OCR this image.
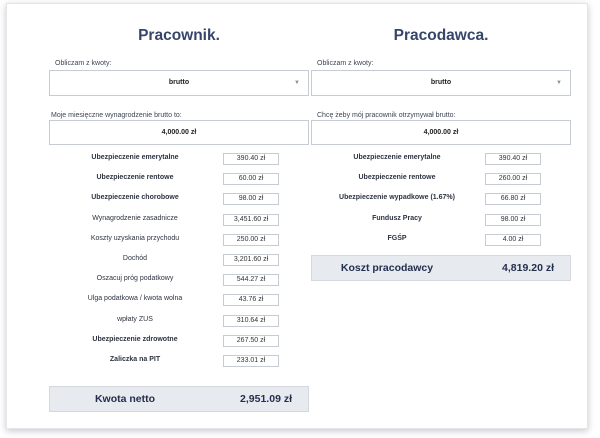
Pracownik.
Obliczam z kwoty:
brutto	▼
Moje miesięczne wynagrodzenie brutto to:
4,000.00 zł
Ubezpieczenie emerytalne	390.40 zł
Ubezpieczenie rentowe	60.00 zł
Ubezpieczenie chorobowe	98.00 zł
Wynagrodzenie zasadnicze	3,451.60 zł
Koszty uzyskania przychodu	250.00 zł
Dochód	3,201.60 zł
Oszacuj próg podatkowy	544.27 zł
Ulga podatkowa / kwota wolna	43.76 zł
wpłaty ZUS	310.64 zł
Ubezpieczenie zdrowotne	267.50 zł
Zaliczka na PIT	233.01 zł
Kwota netto	2,951.09 zł
Pracodawca.
Obliczam z kwoty:
brutto	▼
Chcę żeby mój pracownik otrzymywał brutto:
4,000.00 zł
Ubezpieczenie emerytalne	390.40 zł
Ubezpieczenie rentowe	260.00 zł
Ubezpieczenie wypadkowe (1.67%)	66.80 zł
Fundusz Pracy	98.00 zł
FGŚP	4.00 zł
Koszt pracodawcy	4,819.20 zł
